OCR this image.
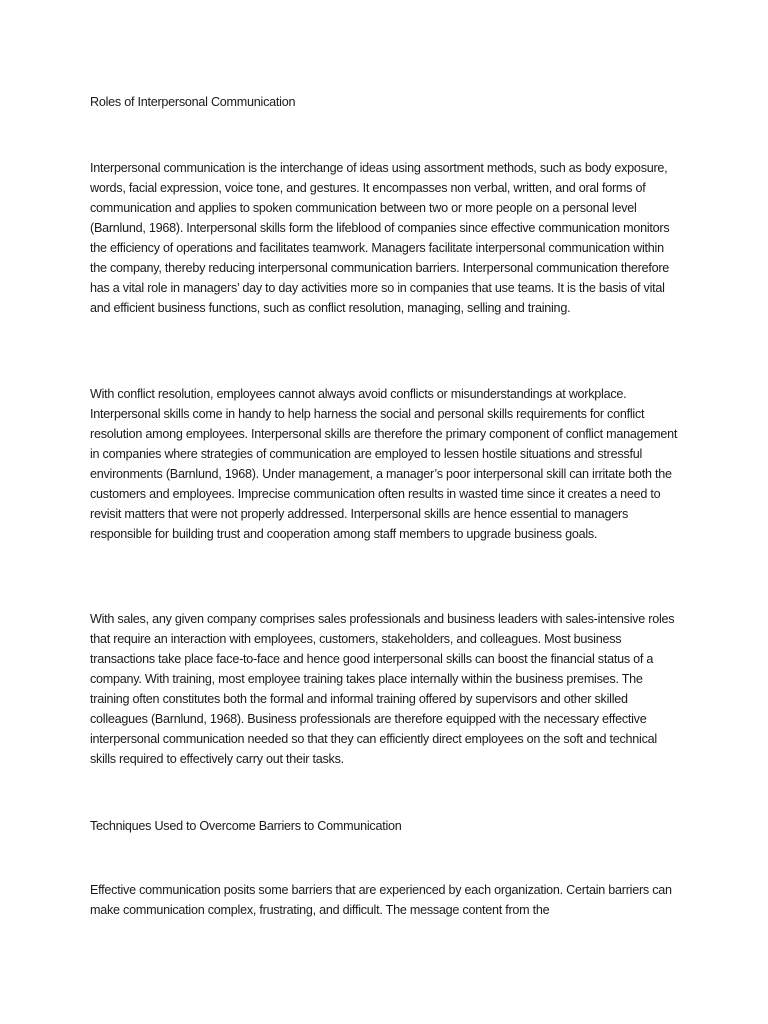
Roles of Interpersonal Communication

Interpersonal communication is the interchange of ideas using assortment methods, such as body exposure, words, facial expression, voice tone, and gestures. It encompasses non verbal, written, and oral forms of communication and applies to spoken communication between two or more people on a personal level (Barnlund, 1968). Interpersonal skills form the lifeblood of companies since effective communication monitors the efficiency of operations and facilitates teamwork. Managers facilitate interpersonal communication within the company, thereby reducing interpersonal communication barriers. Interpersonal communication therefore has a vital role in managers’ day to day activities more so in companies that use teams. It is the basis of vital and efficient business functions, such as conflict resolution, managing, selling and training.

With conflict resolution, employees cannot always avoid conflicts or misunderstandings at workplace. Interpersonal skills come in handy to help harness the social and personal skills requirements for conflict resolution among employees. Interpersonal skills are therefore the primary component of conflict management in companies where strategies of communication are employed to lessen hostile situations and stressful environments (Barnlund, 1968). Under management, a manager’s poor interpersonal skill can irritate both the customers and employees. Imprecise communication often results in wasted time since it creates a need to revisit matters that were not properly addressed. Interpersonal skills are hence essential to managers responsible for building trust and cooperation among staff members to upgrade business goals.

With sales, any given company comprises sales professionals and business leaders with sales-intensive roles that require an interaction with employees, customers, stakeholders, and colleagues. Most business transactions take place face-to-face and hence good interpersonal skills can boost the financial status of a company. With training, most employee training takes place internally within the business premises. The training often constitutes both the formal and informal training offered by supervisors and other skilled colleagues (Barnlund, 1968). Business professionals are therefore equipped with the necessary effective interpersonal communication needed so that they can efficiently direct employees on the soft and technical skills required to effectively carry out their tasks.

Techniques Used to Overcome Barriers to Communication

Effective communication posits some barriers that are experienced by each organization. Certain barriers can make communication complex, frustrating, and difficult. The message content from the
